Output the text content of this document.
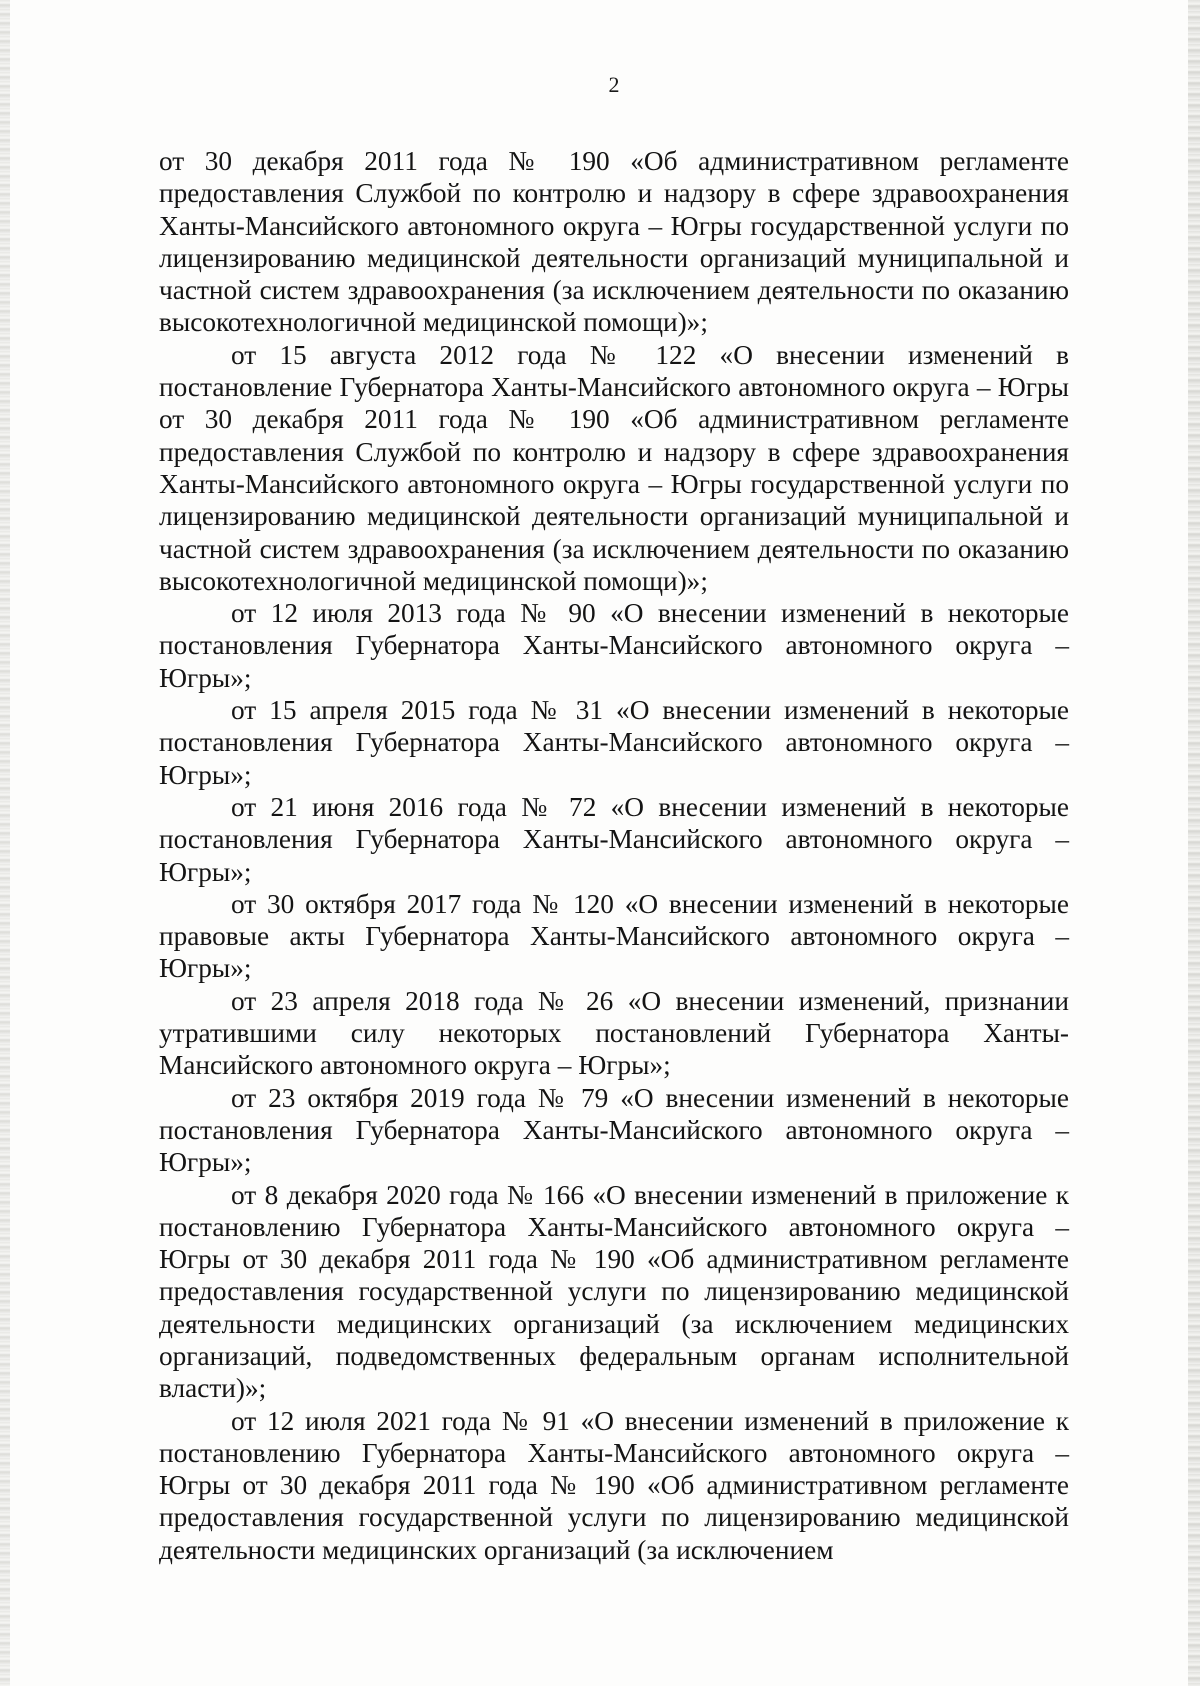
2

от 30 декабря 2011 года № 190 «Об административном регламенте предоставления Службой по контролю и надзору в сфере здравоохранения Ханты-Мансийского автономного округа – Югры государственной услуги по лицензированию медицинской деятельности организаций муниципальной и частной систем здравоохранения (за исключением деятельности по оказанию высокотехнологичной медицинской помощи)»;

от 15 августа 2012 года № 122 «О внесении изменений в постановление Губернатора Ханты-Мансийского автономного округа – Югры от 30 декабря 2011 года № 190 «Об административном регламенте предоставления Службой по контролю и надзору в сфере здравоохранения Ханты-Мансийского автономного округа – Югры государственной услуги по лицензированию медицинской деятельности организаций муниципальной и частной систем здравоохранения (за исключением деятельности по оказанию высокотехнологичной медицинской помощи)»;

от 12 июля 2013 года № 90 «О внесении изменений в некоторые постановления Губернатора Ханты-Мансийского автономного округа – Югры»;

от 15 апреля 2015 года № 31 «О внесении изменений в некоторые постановления Губернатора Ханты-Мансийского автономного округа – Югры»;

от 21 июня 2016 года № 72 «О внесении изменений в некоторые постановления Губернатора Ханты-Мансийского автономного округа – Югры»;

от 30 октября 2017 года № 120 «О внесении изменений в некоторые правовые акты Губернатора Ханты-Мансийского автономного округа – Югры»;

от 23 апреля 2018 года № 26 «О внесении изменений, признании утратившими силу некоторых постановлений Губернатора Ханты-Мансийского автономного округа – Югры»;

от 23 октября 2019 года № 79 «О внесении изменений в некоторые постановления Губернатора Ханты-Мансийского автономного округа – Югры»;

от 8 декабря 2020 года № 166 «О внесении изменений в приложение к постановлению Губернатора Ханты-Мансийского автономного округа – Югры от 30 декабря 2011 года № 190 «Об административном регламенте предоставления государственной услуги по лицензированию медицинской деятельности медицинских организаций (за исключением медицинских организаций, подведомственных федеральным органам исполнительной власти)»;

от 12 июля 2021 года № 91 «О внесении изменений в приложение к постановлению Губернатора Ханты-Мансийского автономного округа – Югры от 30 декабря 2011 года № 190 «Об административном регламенте предоставления государственной услуги по лицензированию медицинской деятельности медицинских организаций (за исключением
